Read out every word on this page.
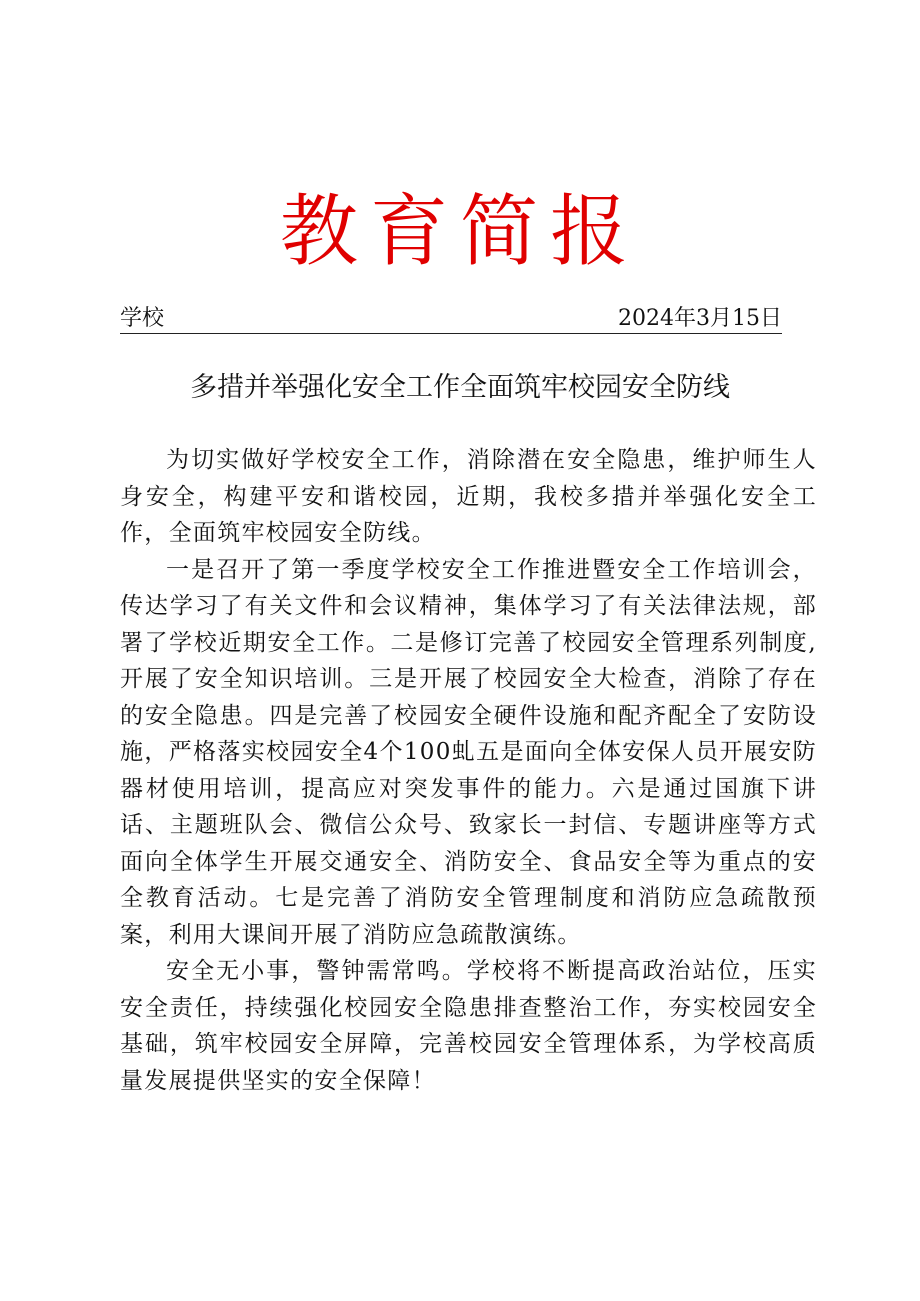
教育简报
学校	2024年3月15日
多措并举强化安全工作全面筑牢校园安全防线

为切实做好学校安全工作，消除潜在安全隐患，维护师生人身安全，构建平安和谐校园，近期，我校多措并举强化安全工作，全面筑牢校园安全防线。

一是召开了第一季度学校安全工作推进暨安全工作培训会，传达学习了有关文件和会议精神，集体学习了有关法律法规，部署了学校近期安全工作。二是修订完善了校园安全管理系列制度,开展了安全知识培训。三是开展了校园安全大检查，消除了存在的安全隐患。四是完善了校园安全硬件设施和配齐配全了安防设施，严格落实校园安全4个100虬五是面向全体安保人员开展安防器材使用培训，提高应对突发事件的能力。六是通过国旗下讲话、主题班队会、微信公众号、致家长一封信、专题讲座等方式面向全体学生开展交通安全、消防安全、食品安全等为重点的安全教育活动。七是完善了消防安全管理制度和消防应急疏散预案，利用大课间开展了消防应急疏散演练。

安全无小事，警钟需常鸣。学校将不断提高政治站位，压实安全责任，持续强化校园安全隐患排查整治工作，夯实校园安全基础，筑牢校园安全屏障，完善校园安全管理体系，为学校高质量发展提供坚实的安全保障！
